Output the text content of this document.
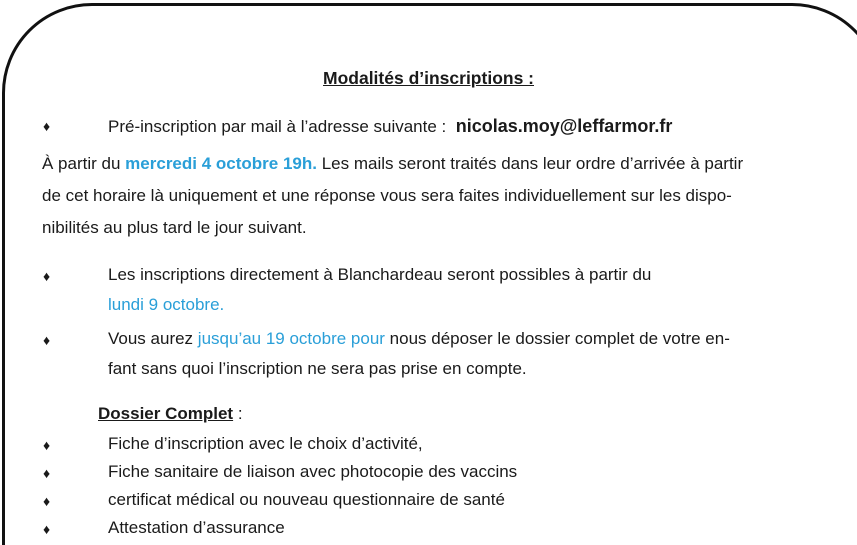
Modalités d’inscriptions :
♦	Pré-inscription par mail à l’adresse suivante : nicolas.moy@leffarmor.fr
À partir du mercredi 4 octobre 19h. Les mails seront traités dans leur ordre d’arrivée à partir
de cet horaire là uniquement et une réponse vous sera faites individuellement sur les dispo-
nibilités au plus tard le jour suivant.
♦	Les inscriptions directement à Blanchardeau seront possibles à partir du
lundi 9 octobre.
♦	Vous aurez jusqu’au 19 octobre pour nous déposer le dossier complet de votre en-
fant sans quoi l’inscription ne sera pas prise en compte.
Dossier Complet :
♦	Fiche d’inscription avec le choix d’activité,
♦	Fiche sanitaire de liaison avec photocopie des vaccins
♦	certificat médical ou nouveau questionnaire de santé
♦	Attestation d’assurance
